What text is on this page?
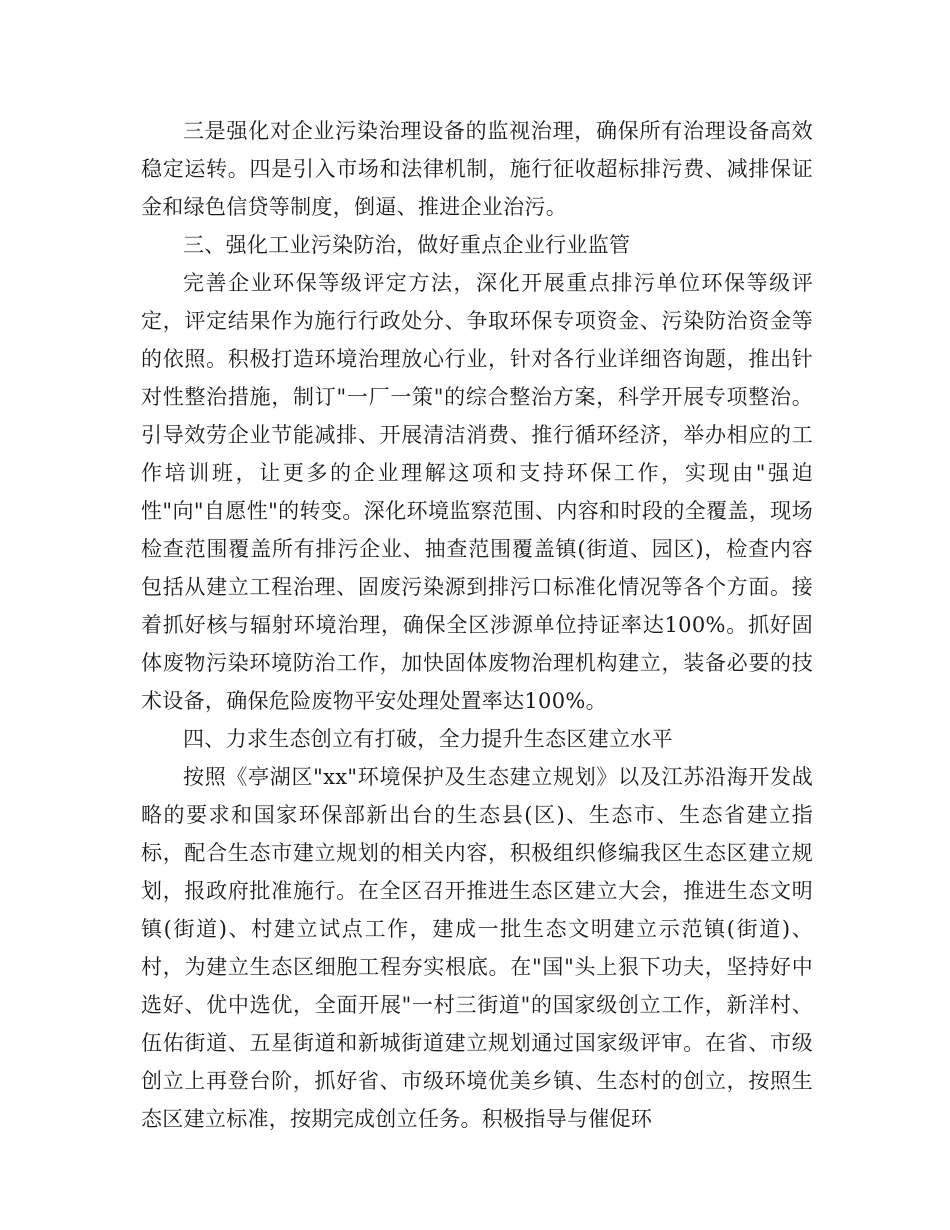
三是强化对企业污染治理设备的监视治理，确保所有治理设备高效稳定运转。四是引入市场和法律机制，施行征收超标排污费、减排保证金和绿色信贷等制度，倒逼、推进企业治污。

三、强化工业污染防治，做好重点企业行业监管

完善企业环保等级评定方法，深化开展重点排污单位环保等级评定，评定结果作为施行行政处分、争取环保专项资金、污染防治资金等的依照。积极打造环境治理放心行业，针对各行业详细咨询题，推出针对性整治措施，制订"一厂一策"的综合整治方案，科学开展专项整治。引导效劳企业节能减排、开展清洁消费、推行循环经济，举办相应的工作培训班，让更多的企业理解这项和支持环保工作，实现由"强迫性"向"自愿性"的转变。深化环境监察范围、内容和时段的全覆盖，现场检查范围覆盖所有排污企业、抽查范围覆盖镇(街道、园区)，检查内容包括从建立工程治理、固废污染源到排污口标准化情况等各个方面。接着抓好核与辐射环境治理，确保全区涉源单位持证率达100%。抓好固体废物污染环境防治工作，加快固体废物治理机构建立，装备必要的技术设备，确保危险废物平安处理处置率达100%。

四、力求生态创立有打破，全力提升生态区建立水平

按照《亭湖区"xx"环境保护及生态建立规划》以及江苏沿海开发战略的要求和国家环保部新出台的生态县(区)、生态市、生态省建立指标，配合生态市建立规划的相关内容，积极组织修编我区生态区建立规划，报政府批准施行。在全区召开推进生态区建立大会，推进生态文明镇(街道)、村建立试点工作，建成一批生态文明建立示范镇(街道)、村，为建立生态区细胞工程夯实根底。在"国"头上狠下功夫，坚持好中选好、优中选优，全面开展"一村三街道"的国家级创立工作，新洋村、伍佑街道、五星街道和新城街道建立规划通过国家级评审。在省、市级创立上再登台阶，抓好省、市级环境优美乡镇、生态村的创立，按照生态区建立标准，按期完成创立任务。积极指导与催促环
